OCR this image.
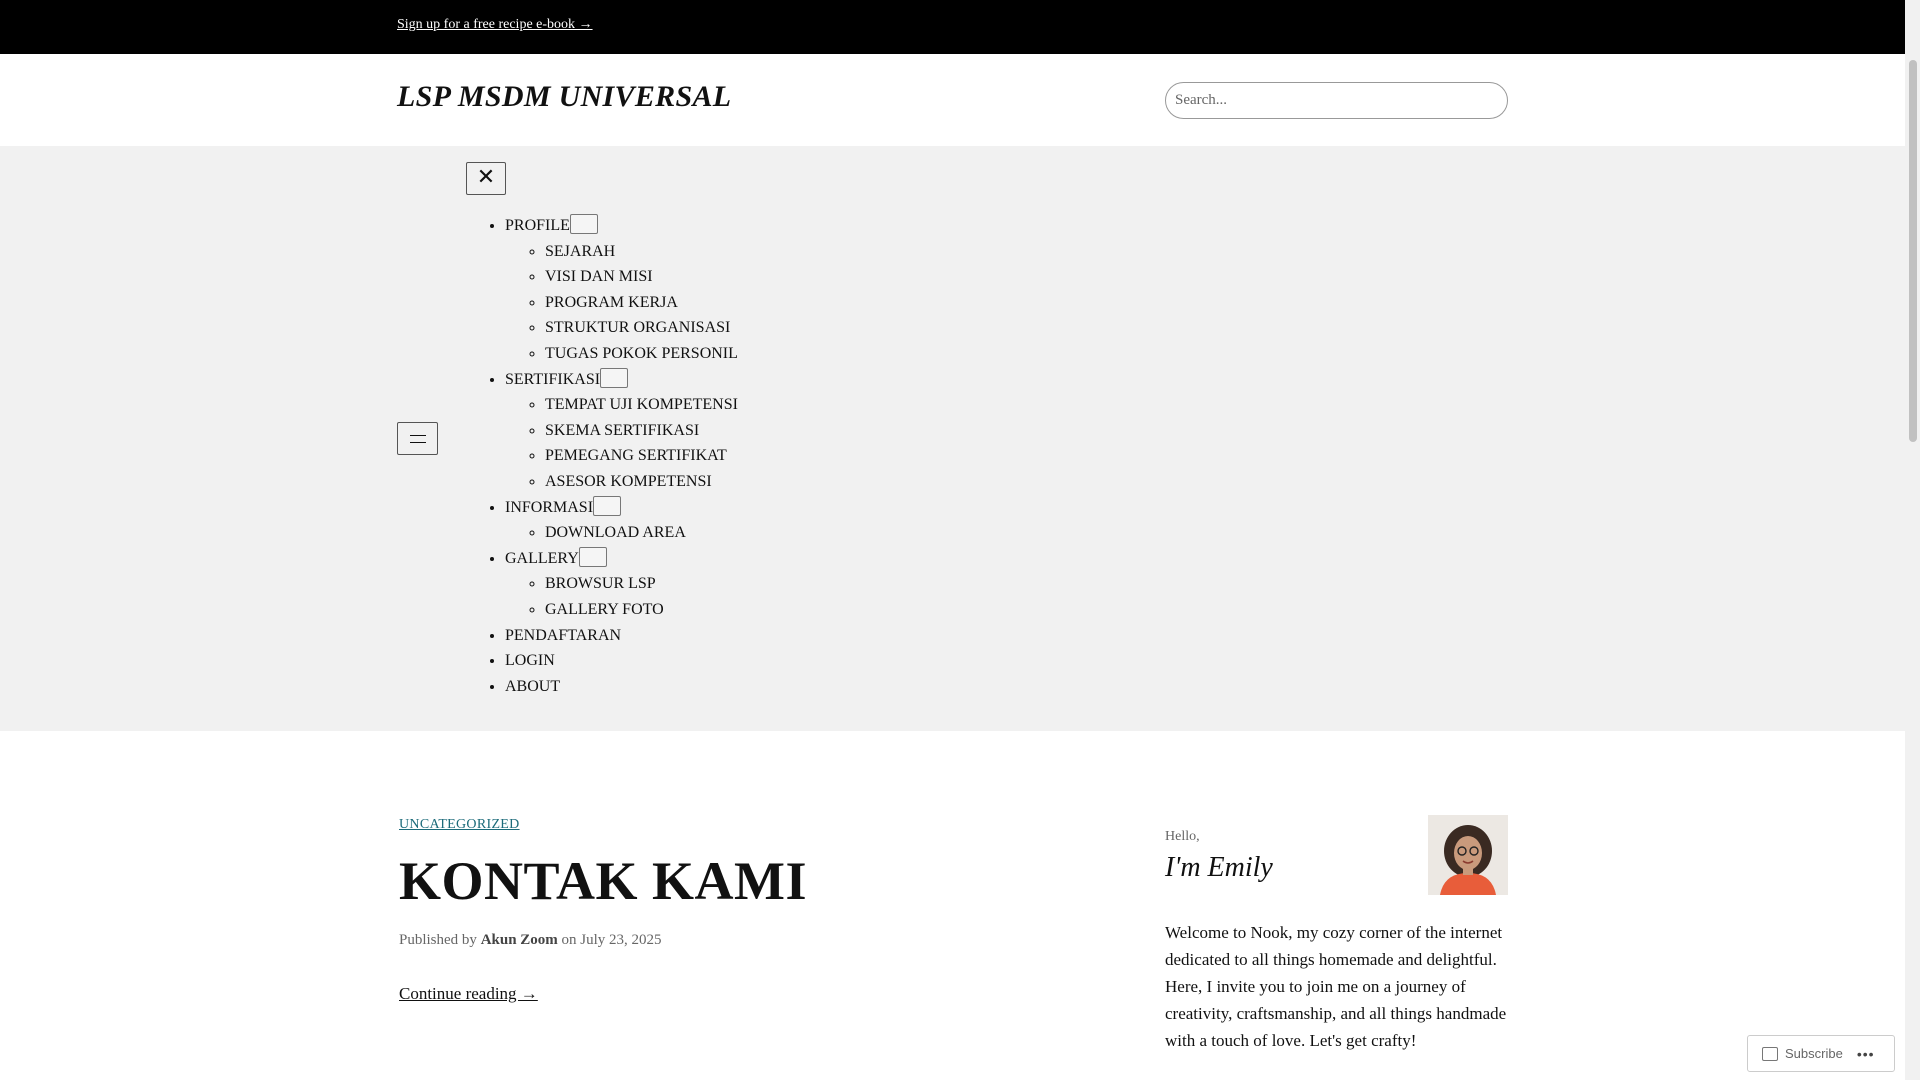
Sign up for a free recipe e-book →
LSP MSDM UNIVERSAL
Search...
✕
• PROFILE
◦ SEJARAH
◦ VISI DAN MISI
◦ PROGRAM KERJA
◦ STRUKTUR ORGANISASI
◦ TUGAS POKOK PERSONIL
• SERTIFIKASI
◦ TEMPAT UJI KOMPETENSI
◦ SKEMA SERTIFIKASI
◦ PEMEGANG SERTIFIKAT
◦ ASESOR KOMPETENSI
• INFORMASI
◦ DOWNLOAD AREA
• GALLERY
◦ BROWSUR LSP
◦ GALLERY FOTO
• PENDAFTARAN
• LOGIN
• ABOUT
UNCATEGORIZED
KONTAK KAMI
Published by Akun Zoom on July 23, 2025
Continue reading →
Hello,
I'm Emily
Welcome to Nook, my cozy corner of the internet dedicated to all things homemade and delightful. Here, I invite you to join me on a journey of creativity, craftsmanship, and all things handmade with a touch of love. Let's get crafty!
Subscribe •••
